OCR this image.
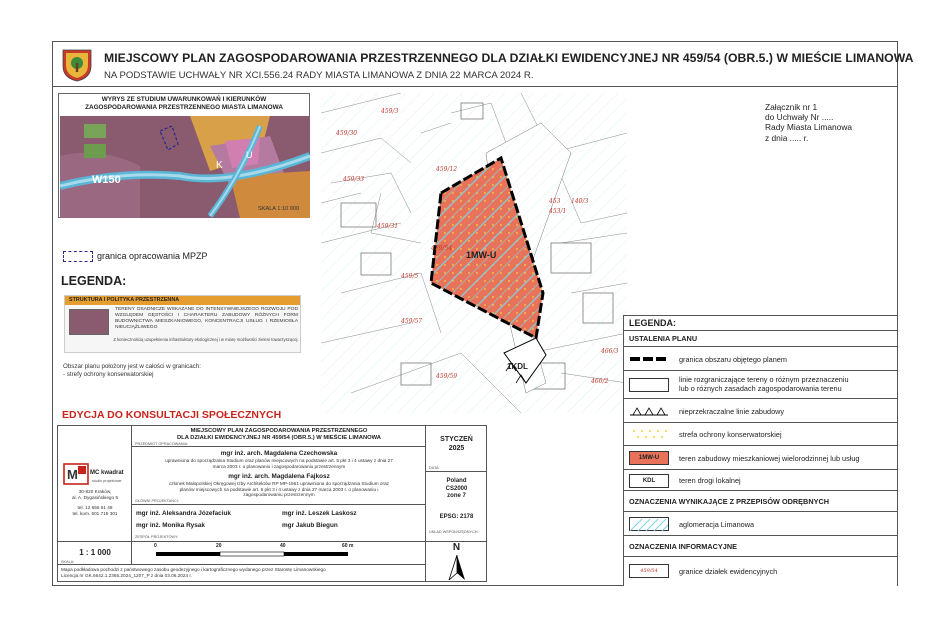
MIEJSCOWY PLAN ZAGOSPODAROWANIA PRZESTRZENNEGO DLA DZIAŁKI EWIDENCYJNEJ NR 459/54 (OBR.5.) W MIEŚCIE LIMANOWA
NA PODSTAWIE UCHWAŁY NR XCI.556.24 RADY MIASTA LIMANOWA Z DNIA 22 MARCA 2024 R.
WYRYS ZE STUDIUM UWARUNKOWAŃ I KIERUNKÓW
ZAGOSPODAROWANIA PRZESTRZENNEGO MIASTA LIMANOWA
W150
K
U
SKALA 1:10 000
granica opracowania MPZP
LEGENDA:
STRUKTURA I POLITYKA PRZESTRZENNA
TERENY OSADNICZE WSKAZANE DO INTENSYWNIEJSZEGO ROZWOJU POD WZGLĘDEM GĘSTOŚCI I CHARAKTERU ZABUDOWY RÓŻNYCH FORM BUDOWNICTWA MIESZKANIOWEGO, KONCENTRACJI USŁUG I RZEMIOSŁA NIEUCIĄŻLIWEGO
Z koniecznością uzupełnienia infrastruktury ekologicznej i w miarę możliwości zieleni towarzyszącej.
Obszar planu położony jest w całości w granicach:
- strefy ochrony konserwatorskiej
EDYCJA DO KONSULTACJI SPOŁECZNYCH
459/30
459/33
459/31
459/54
459/57
459/59
140/3
466/3
466/2
459/12
453
459/3
453/1
459/5
1MW-U
1KDL
Załącznik nr 1
do Uchwały Nr .....
Rady Miasta Limanowa
z dnia ..... r.
LEGENDA:
USTALENIA PLANU
granica obszaru objętego planem
linie rozgraniczające tereny o różnym przeznaczeniu
lub o różnych zasadach zagospodarowania terenu
nieprzekraczalne linie zabudowy
strefa ochrony konserwatorskiej
1MW-U	teren zabudowy mieszkaniowej wielorodzinnej lub usług
KDL	teren drogi lokalnej
OZNACZENIA WYNIKAJĄCE Z PRZEPISÓW ODRĘBNYCH
aglomeracja Limanowa
OZNACZENIA INFORMACYJNE
459/54	granice działek ewidencyjnych
M MC kwadrat
studio projektowe
30-820 Kraków,
al. A. Dygasińskiego 5
tel. 12 656 61 48
tel. kom. 501 715 301
MIEJSCOWY PLAN ZAGOSPODAROWANIA PRZESTRZENNEGO
DLA DZIAŁKI EWIDENCYJNEJ NR 459/54 (OBR.5.) W MIEŚCIE LIMANOWA
PRZEDMIOT OPRACOWANIA:
mgr inż. arch. Magdalena Czechowska
uprawniona do sporządzania Studium oraz planów miejscowych na podstawie art. 5 pkt 3 i 4 ustawy z dnia 27 marca 2003 r. o planowaniu i zagospodarowaniu przestrzennym
mgr inż. arch. Magdalena Fajkosz
członek Małopolskiej Okręgowej Izby Architektów RP MP-1561 uprawniona do sporządzania Studium oraz planów miejscowych na podstawie art. 5 pkt 3 i 4 ustawy z dnia 27 marca 2003 r. o planowaniu i zagospodarowaniu przestrzennym
GŁÓWNI PROJEKTANCI:
mgr inż. Aleksandra Józefaciuk
mgr inż. Monika Rysak
mgr inż. Leszek Laskosz
mgr Jakub Biegun
ZESPÓŁ PROJEKTOWY:
STYCZEŃ
2025
DATA:
Poland
CS2000
zone 7
EPSG: 2178
UKŁAD WSPÓŁRZĘDNYCH:
1 : 1 000
SKALA:
0	20	40	60 m	N
Mapa podkładowa pochodzi z państwowego zasobu geodezyjnego i kartograficznego wydanego przez Starostę Limanowskiego
Licencja nr GK.6642.1.2365.2024_1207_P z dnia 03.06.2024 r.
